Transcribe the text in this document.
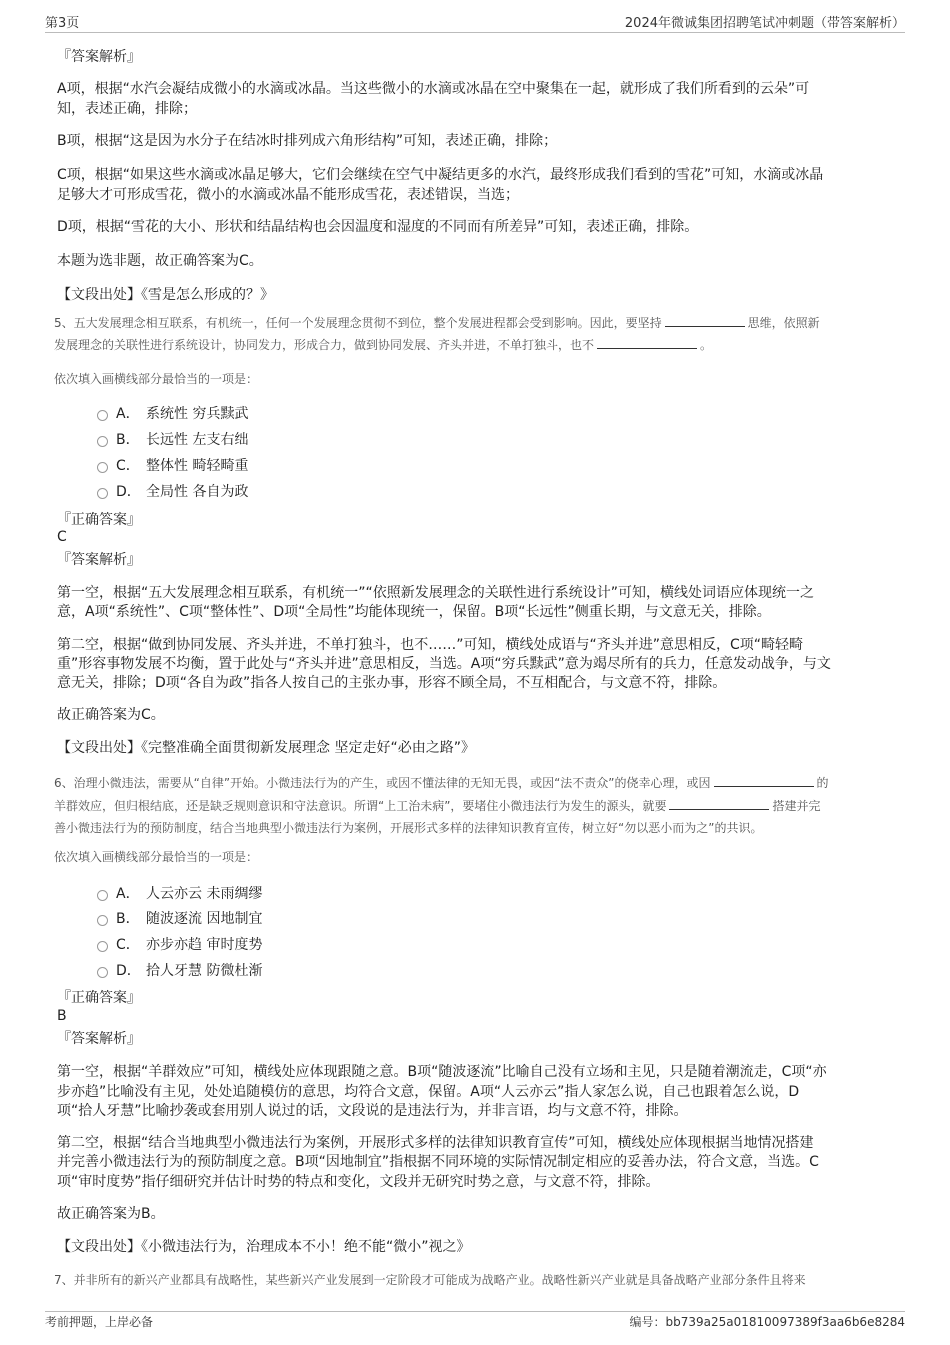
第3页	2024年微诚集团招聘笔试冲刺题（带答案解析）
『答案解析』
A项，根据“水汽会凝结成微小的水滴或冰晶。当这些微小的水滴或冰晶在空中聚集在一起，就形成了我们所看到的云朵”可
知，表述正确，排除；
B项，根据“这是因为水分子在结冰时排列成六角形结构”可知，表述正确，排除；
C项，根据“如果这些水滴或冰晶足够大，它们会继续在空气中凝结更多的水汽，最终形成我们看到的雪花”可知，水滴或冰晶
足够大才可形成雪花，微小的水滴或冰晶不能形成雪花，表述错误，当选；
D项，根据“雪花的大小、形状和结晶结构也会因温度和湿度的不同而有所差异”可知，表述正确，排除。
本题为选非题，故正确答案为C。
【文段出处】《雪是怎么形成的？》
5、五大发展理念相互联系，有机统一，任何一个发展理念贯彻不到位，整个发展进程都会受到影响。因此，要坚持	思维，依照新
发展理念的关联性进行系统设计，协同发力，形成合力，做到协同发展、齐头并进，不单打独斗，也不	。
依次填入画横线部分最恰当的一项是：
A． 系统性 穷兵黩武
B． 长远性 左支右绌
C． 整体性 畸轻畸重
D． 全局性 各自为政
『正确答案』
C
『答案解析』
第一空，根据“五大发展理念相互联系，有机统一”“依照新发展理念的关联性进行系统设计”可知，横线处词语应体现统一之
意，A项“系统性”、C项“整体性”、D项“全局性”均能体现统一，保留。B项“长远性”侧重长期，与文意无关，排除。
第二空，根据“做到协同发展、齐头并进，不单打独斗，也不……”可知，横线处成语与“齐头并进”意思相反，C项“畸轻畸
重”形容事物发展不均衡，置于此处与“齐头并进”意思相反，当选。A项“穷兵黩武”意为竭尽所有的兵力，任意发动战争，与文
意无关，排除；D项“各自为政”指各人按自己的主张办事，形容不顾全局，不互相配合，与文意不符，排除。
故正确答案为C。
【文段出处】《完整准确全面贯彻新发展理念 坚定走好“必由之路”》
6、治理小微违法，需要从“自律”开始。小微违法行为的产生，或因不懂法律的无知无畏，或因“法不责众”的侥幸心理，或因	的
羊群效应，但归根结底，还是缺乏规则意识和守法意识。所谓“上工治未病”，要堵住小微违法行为发生的源头，就要	搭建并完
善小微违法行为的预防制度，结合当地典型小微违法行为案例，开展形式多样的法律知识教育宣传，树立好“勿以恶小而为之”的共识。
依次填入画横线部分最恰当的一项是：
A． 人云亦云 未雨绸缪
B． 随波逐流 因地制宜
C． 亦步亦趋 审时度势
D． 拾人牙慧 防微杜渐
『正确答案』
B
『答案解析』
第一空，根据“羊群效应”可知，横线处应体现跟随之意。B项“随波逐流”比喻自己没有立场和主见，只是随着潮流走，C项“亦
步亦趋”比喻没有主见，处处追随模仿的意思，均符合文意，保留。A项“人云亦云”指人家怎么说，自己也跟着怎么说，D
项“拾人牙慧”比喻抄袭或套用别人说过的话，文段说的是违法行为，并非言语，均与文意不符，排除。
第二空，根据“结合当地典型小微违法行为案例，开展形式多样的法律知识教育宣传”可知，横线处应体现根据当地情况搭建
并完善小微违法行为的预防制度之意。B项“因地制宜”指根据不同环境的实际情况制定相应的妥善办法，符合文意，当选。C
项“审时度势”指仔细研究并估计时势的特点和变化，文段并无研究时势之意，与文意不符，排除。
故正确答案为B。
【文段出处】《小微违法行为，治理成本不小！绝不能“微小”视之》
7、并非所有的新兴产业都具有战略性，某些新兴产业发展到一定阶段才可能成为战略产业。战略性新兴产业就是具备战略产业部分条件且将来
考前押题，上岸必备	编号：bb739a25a01810097389f3aa6b6e8284
